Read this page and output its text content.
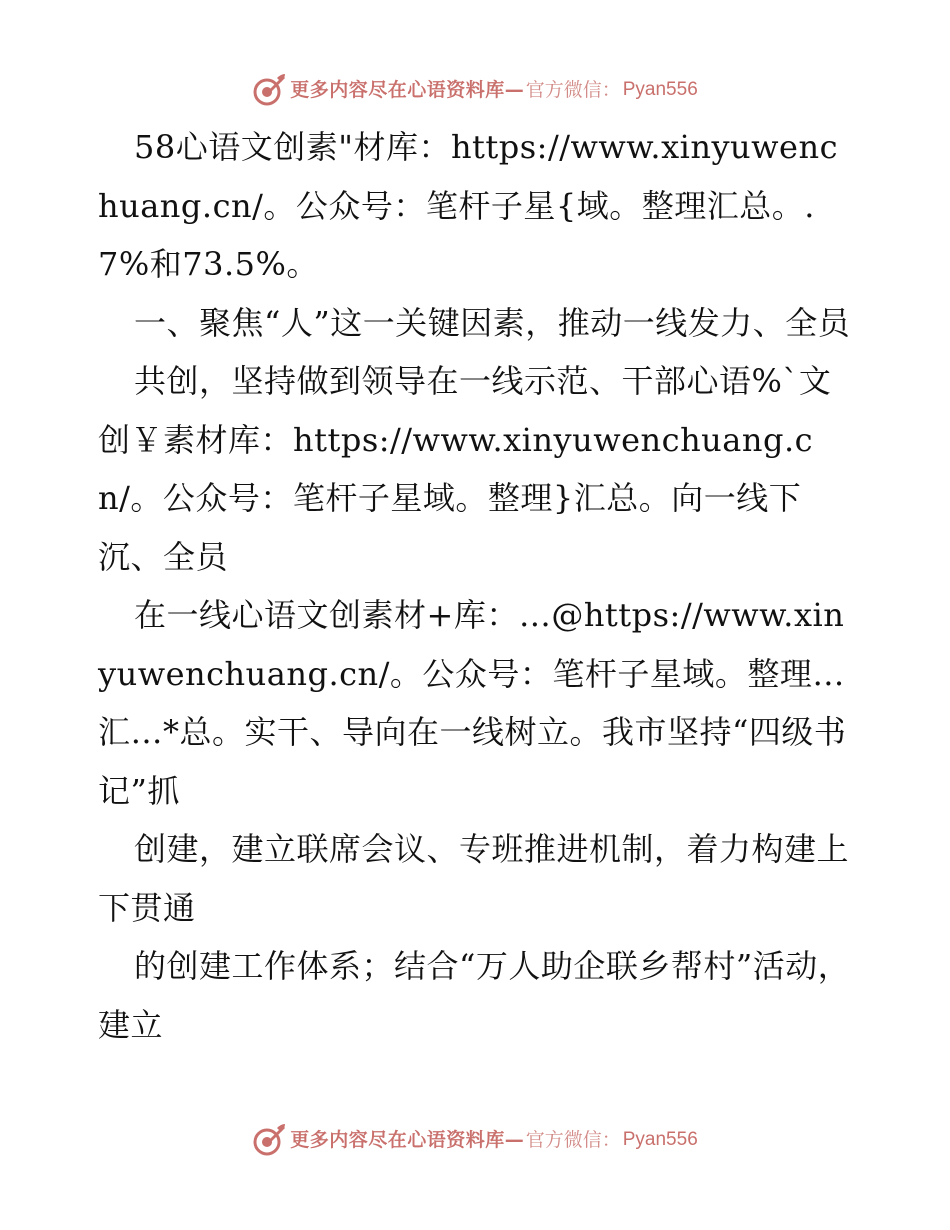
更多内容尽在心语资料库 — 官方微信： Pyan556

58心语文创素"材库：https://www.xinyuwenchuang.cn/。公众号：笔杆子星{域。整理汇总。.7%和73.5%。

一、聚焦“人”这一关键因素，推动一线发力、全员

共创，坚持做到领导在一线示范、干部心语%`文创￥素材库：https://www.xinyuwenchuang.cn/。公众号：笔杆子星域。整理}汇总。向一线下沉、全员

在一线心语文创素材+库：…@https://www.xinyuwenchuang.cn/。公众号：笔杆子星域。整理…汇…*总。实干、导向在一线树立。我市坚持“四级书记”抓

创建，建立联席会议、专班推进机制，着力构建上下贯通

的创建工作体系；结合“万人助企联乡帮村”活动，建立

更多内容尽在心语资料库 — 官方微信： Pyan556
